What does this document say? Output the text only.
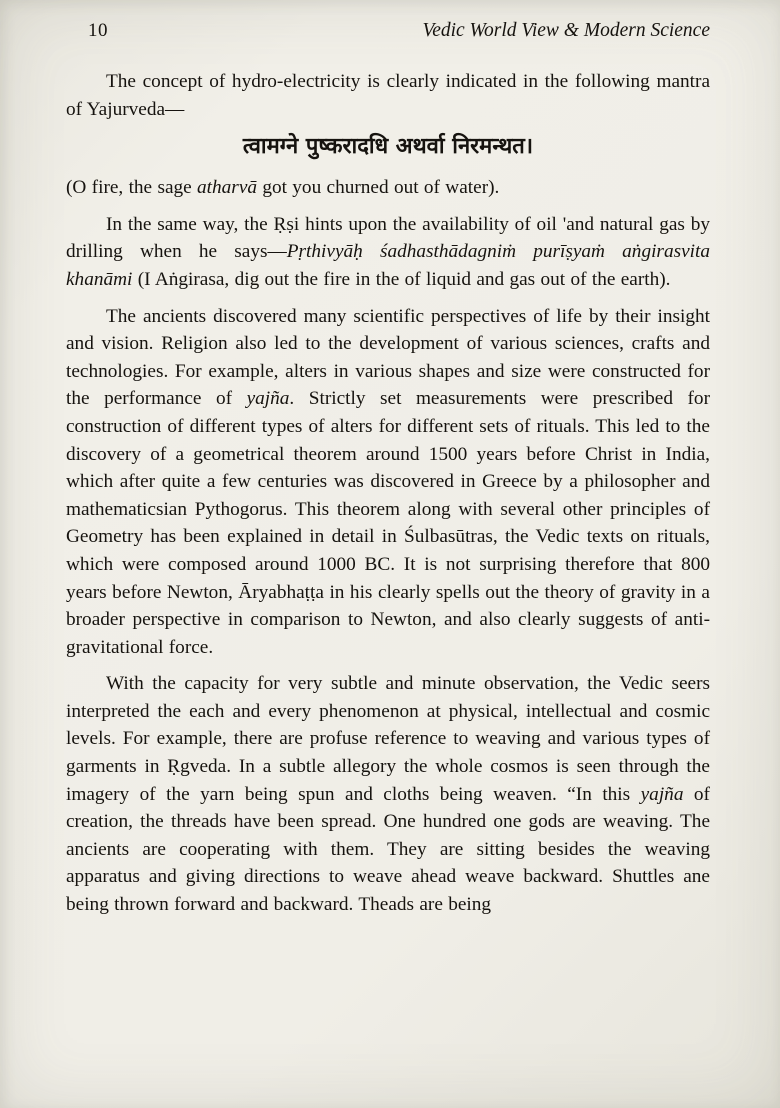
10	Vedic World View & Modern Science

The concept of hydro-electricity is clearly indicated in the following mantra of Yajurveda—

त्वामग्ने पुष्करादधि अथर्वा निरमन्थत।

(O fire, the sage atharvā got you churned out of water).

In the same way, the Ṛṣi hints upon the availability of oil 'and natural gas by drilling when he says—Pṛthivyāḥ śadhasthādagniṁ purīṣyaṁ aṅgirasvita khanāmi (I Aṅgirasa, dig out the fire in the of liquid and gas out of the earth).

The ancients discovered many scientific perspectives of life by their insight and vision. Religion also led to the development of various sciences, crafts and technologies. For example, alters in various shapes and size were constructed for the performance of yajña. Strictly set measurements were prescribed for construction of different types of alters for different sets of rituals. This led to the discovery of a geometrical theorem around 1500 years before Christ in India, which after quite a few centuries was discovered in Greece by a philosopher and mathematicsian Pythogorus. This theorem along with several other principles of Geometry has been explained in detail in Śulbasūtras, the Vedic texts on rituals, which were composed around 1000 BC. It is not surprising therefore that 800 years before Newton, Āryabhaṭṭa in his clearly spells out the theory of gravity in a broader perspective in comparison to Newton, and also clearly suggests of anti-gravitational force.

With the capacity for very subtle and minute observation, the Vedic seers interpreted the each and every phenomenon at physical, intellectual and cosmic levels. For example, there are profuse reference to weaving and various types of garments in Ṛgveda. In a subtle allegory the whole cosmos is seen through the imagery of the yarn being spun and cloths being weaven. “In this yajña of creation, the threads have been spread. One hundred one gods are weaving. The ancients are cooperating with them. They are sitting besides the weaving apparatus and giving directions to weave ahead weave backward. Shuttles ane being thrown forward and backward. Theads are being
